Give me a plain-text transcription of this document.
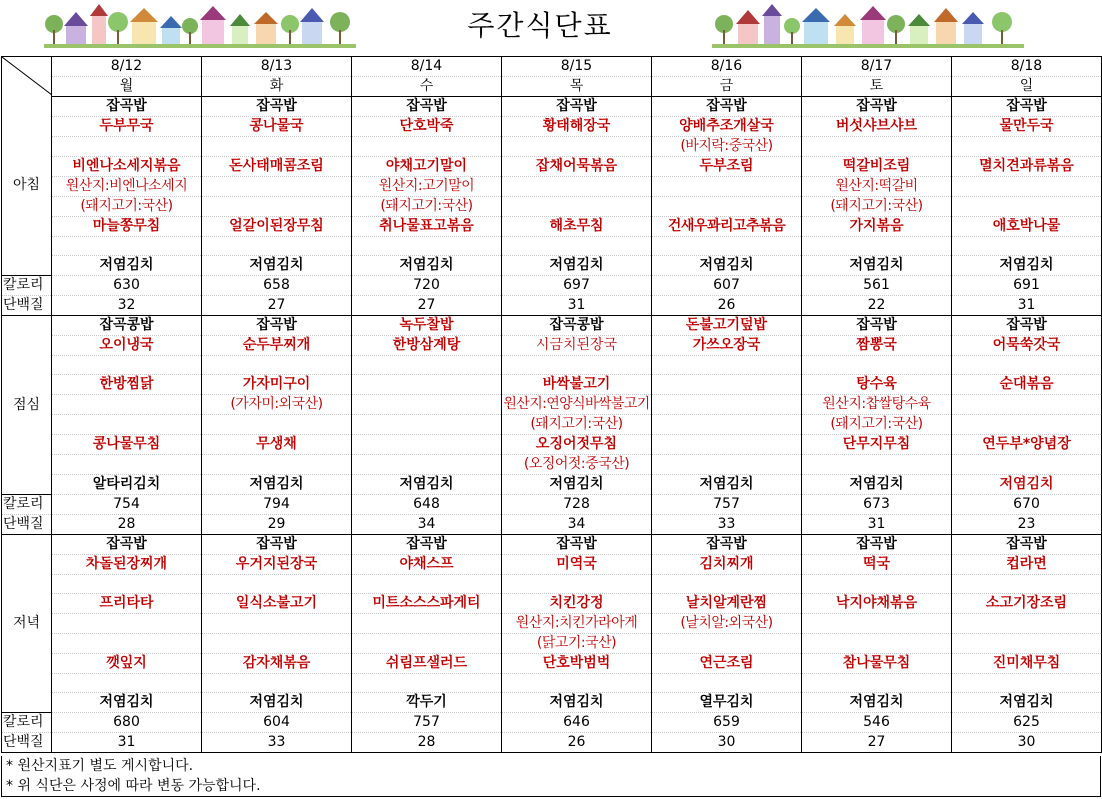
주간식단표
	8/12	8/13	8/14	8/15	8/16	8/17	8/18
	월	화	수	목	금	토	일
아침	잡곡밥	잡곡밥	잡곡밥	잡곡밥	잡곡밥	잡곡밥	잡곡밥
	두부무국	콩나물국	단호박죽	황태해장국	양배추조개살국	버섯샤브샤브	물만두국
					(바지락:중국산)		
	비엔나소세지볶음	돈사태매콤조림	야채고기말이	잡채어묵볶음	두부조림	떡갈비조림	멸치견과류볶음
	원산지:비엔나소세지		원산지:고기말이			원산지:떡갈비	
	(돼지고기:국산)		(돼지고기:국산)			(돼지고기:국산)	
	마늘쫑무침	얼갈이된장무침	취나물표고볶음	해초무침	건새우꽈리고추볶음	가지볶음	애호박나물

	저염김치	저염김치	저염김치	저염김치	저염김치	저염김치	저염김치
칼로리	630	658	720	697	607	561	691
단백질	32	27	27	31	26	22	31
점심	잡곡콩밥	잡곡밥	녹두찰밥	잡곡콩밥	돈불고기덮밥	잡곡밥	잡곡밥
	오이냉국	순두부찌개	한방삼계탕	시금치된장국	가쓰오장국	짬뽕국	어묵쑥갓국

	한방찜닭	가자미구이		바싹불고기		탕수육	순대볶음
		(가자미:외국산)		원산지:연양식바싹불고기		원산지:찹쌀탕수육	
				(돼지고기:국산)		(돼지고기:국산)	
	콩나물무침	무생채		오징어젓무침		단무지무침	연두부*양념장
				(오징어젓:중국산)			
	알타리김치	저염김치	저염김치	저염김치	저염김치	저염김치	저염김치
칼로리	754	794	648	728	757	673	670
단백질	28	29	34	34	33	31	23
저녁	잡곡밥	잡곡밥	잡곡밥	잡곡밥	잡곡밥	잡곡밥	잡곡밥
	차돌된장찌개	우거지된장국	야채스프	미역국	김치찌개	떡국	컵라면

	프리타타	일식소불고기	미트소스스파게티	치킨강정	날치알계란찜	낙지야채볶음	소고기장조림
				원산지:치킨가라아게	(날치알:외국산)		
				(닭고기:국산)			
	깻잎지	감자채볶음	쉬림프샐러드	단호박범벅	연근조림	참나물무침	진미채무침

	저염김치	저염김치	깍두기	저염김치	열무김치	저염김치	저염김치
칼로리	680	604	757	646	659	546	625
단백질	31	33	28	26	30	27	30
* 원산지표기 별도 게시합니다.
* 위 식단은 사정에 따라 변동 가능합니다.
